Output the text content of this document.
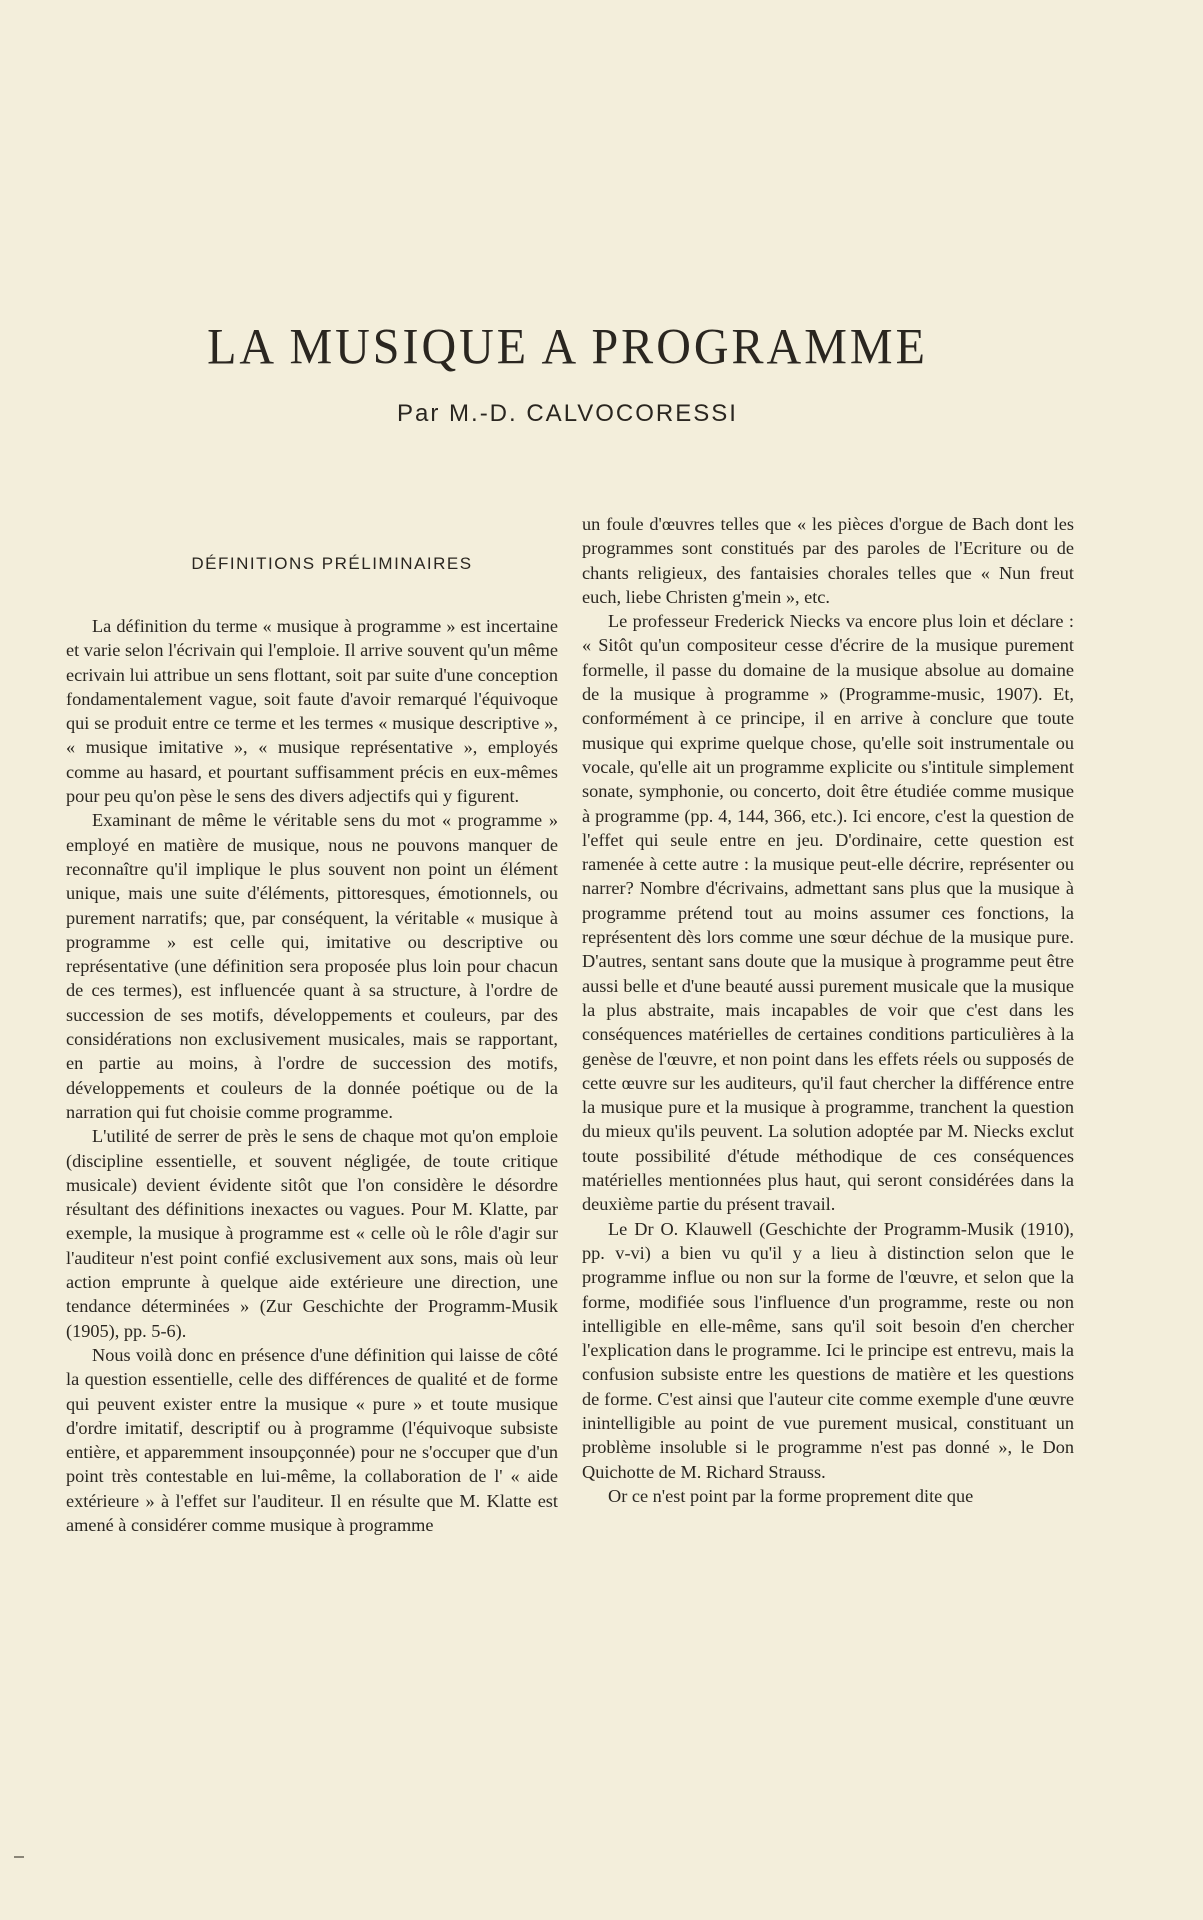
LA MUSIQUE A PROGRAMME
Par M.-D. CALVOCORESSI
DÉFINITIONS PRÉLIMINAIRES

La définition du terme « musique à programme » est incertaine et varie selon l'écrivain qui l'emploie. Il arrive souvent qu'un même ecrivain lui attribue un sens flottant, soit par suite d'une conception fondamentalement vague, soit faute d'avoir remarqué l'équivoque qui se produit entre ce terme et les termes « musique descriptive », « musique imitative », « musique représentative », employés comme au hasard, et pourtant suffisamment précis en eux-mêmes pour peu qu'on pèse le sens des divers adjectifs qui y figurent.

Examinant de même le véritable sens du mot « programme » employé en matière de musique, nous ne pouvons manquer de reconnaître qu'il implique le plus souvent non point un élément unique, mais une suite d'éléments, pittoresques, émotionnels, ou purement narratifs; que, par conséquent, la véritable « musique à programme » est celle qui, imitative ou descriptive ou représentative (une définition sera proposée plus loin pour chacun de ces termes), est influencée quant à sa structure, à l'ordre de succession de ses motifs, développements et couleurs, par des considérations non exclusivement musicales, mais se rapportant, en partie au moins, à l'ordre de succession des motifs, développements et couleurs de la donnée poétique ou de la narration qui fut choisie comme programme.

L'utilité de serrer de près le sens de chaque mot qu'on emploie (discipline essentielle, et souvent négligée, de toute critique musicale) devient évidente sitôt que l'on considère le désordre résultant des définitions inexactes ou vagues. Pour M. Klatte, par exemple, la musique à programme est « celle où le rôle d'agir sur l'auditeur n'est point confié exclusivement aux sons, mais où leur action emprunte à quelque aide extérieure une direction, une tendance déterminées » (Zur Geschichte der Programm-Musik (1905), pp. 5-6).

Nous voilà donc en présence d'une définition qui laisse de côté la question essentielle, celle des différences de qualité et de forme qui peuvent exister entre la musique « pure » et toute musique d'ordre imitatif, descriptif ou à programme (l'équivoque subsiste entière, et apparemment insoupçonnée) pour ne s'occuper que d'un point très contestable en lui-même, la collaboration de l' « aide extérieure » à l'effet sur l'auditeur. Il en résulte que M. Klatte est amené à considérer comme musique à programme

un foule d'œuvres telles que « les pièces d'orgue de Bach dont les programmes sont constitués par des paroles de l'Ecriture ou de chants religieux, des fantaisies chorales telles que « Nun freut euch, liebe Christen g'mein », etc.

Le professeur Frederick Niecks va encore plus loin et déclare : « Sitôt qu'un compositeur cesse d'écrire de la musique purement formelle, il passe du domaine de la musique absolue au domaine de la musique à programme » (Programme-music, 1907). Et, conformément à ce principe, il en arrive à conclure que toute musique qui exprime quelque chose, qu'elle soit instrumentale ou vocale, qu'elle ait un programme explicite ou s'intitule simplement sonate, symphonie, ou concerto, doit être étudiée comme musique à programme (pp. 4, 144, 366, etc.). Ici encore, c'est la question de l'effet qui seule entre en jeu. D'ordinaire, cette question est ramenée à cette autre : la musique peut-elle décrire, représenter ou narrer? Nombre d'écrivains, admettant sans plus que la musique à programme prétend tout au moins assumer ces fonctions, la représentent dès lors comme une sœur déchue de la musique pure. D'autres, sentant sans doute que la musique à programme peut être aussi belle et d'une beauté aussi purement musicale que la musique la plus abstraite, mais incapables de voir que c'est dans les conséquences matérielles de certaines conditions particulières à la genèse de l'œuvre, et non point dans les effets réels ou supposés de cette œuvre sur les auditeurs, qu'il faut chercher la différence entre la musique pure et la musique à programme, tranchent la question du mieux qu'ils peuvent. La solution adoptée par M. Niecks exclut toute possibilité d'étude méthodique de ces conséquences matérielles mentionnées plus haut, qui seront considérées dans la deuxième partie du présent travail.

Le Dr O. Klauwell (Geschichte der Programm-Musik (1910), pp. v-vi) a bien vu qu'il y a lieu à distinction selon que le programme influe ou non sur la forme de l'œuvre, et selon que la forme, modifiée sous l'influence d'un programme, reste ou non intelligible en elle-même, sans qu'il soit besoin d'en chercher l'explication dans le programme. Ici le principe est entrevu, mais la confusion subsiste entre les questions de matière et les questions de forme. C'est ainsi que l'auteur cite comme exemple d'une œuvre inintelligible au point de vue purement musical, constituant un problème insoluble si le programme n'est pas donné », le Don Quichotte de M. Richard Strauss.

Or ce n'est point par la forme proprement dite que
